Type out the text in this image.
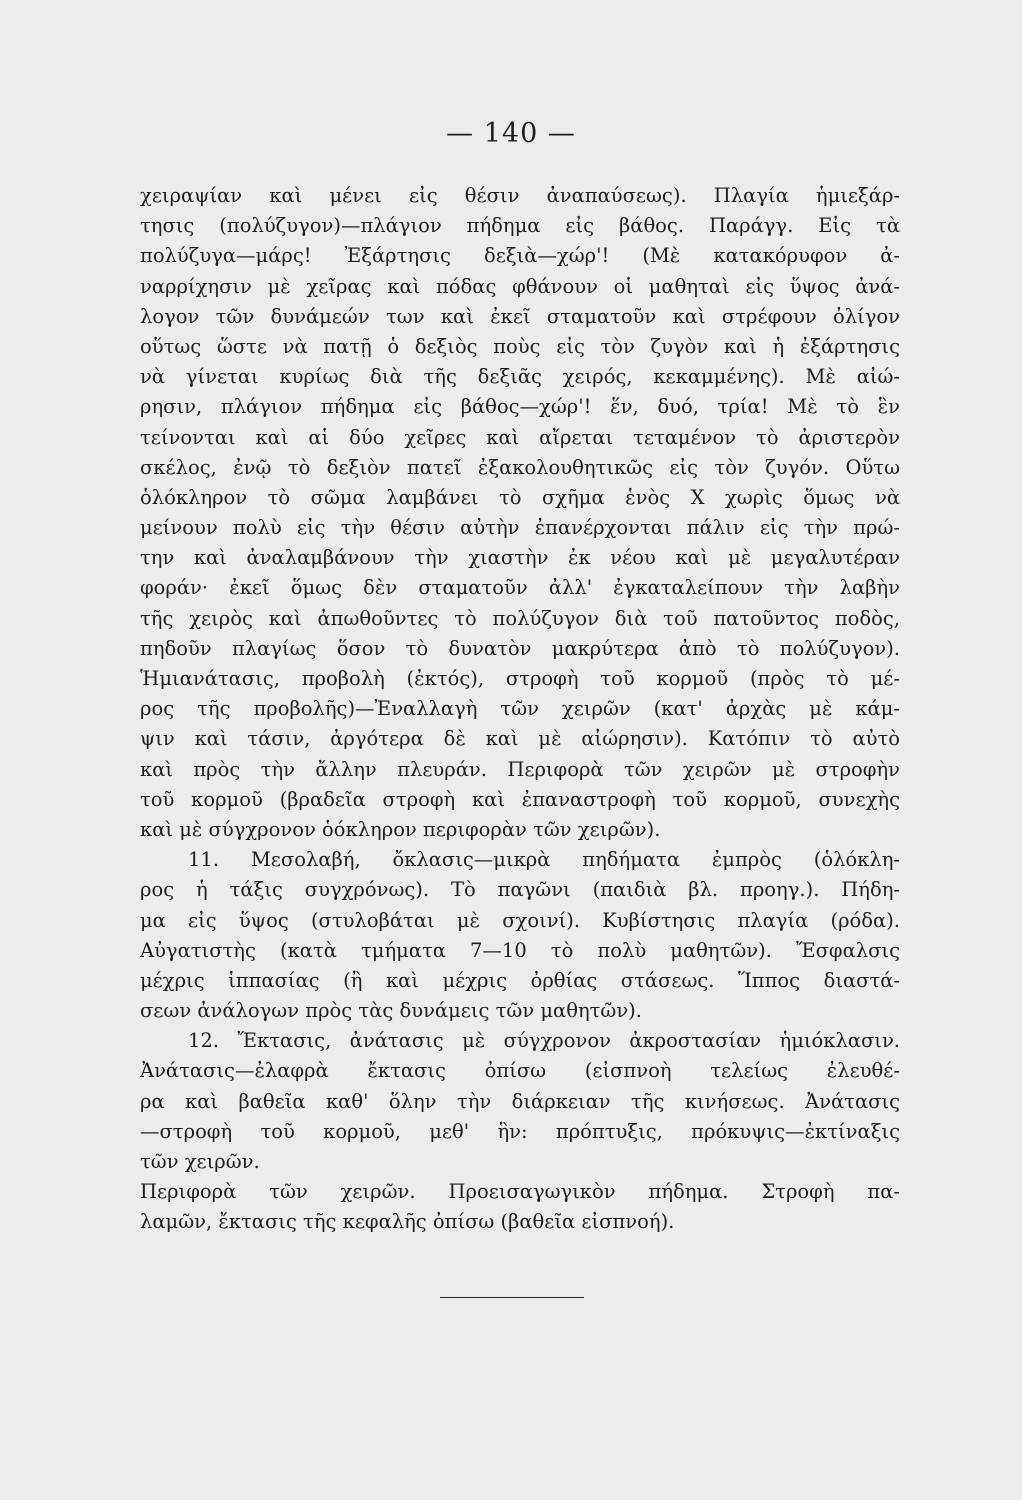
— 140 —
χειραψίαν καὶ μένει εἰς θέσιν ἀναπαύσεως). Πλαγία ἡμιεξάρ-
τησις (πολύζυγον)—πλάγιον πήδημα εἰς βάθος. Παράγγ. Εἰς τὰ
πολύζυγα—μάρς! Ἐξάρτησις δεξιὰ—χώρ'! (Μὲ κατακόρυφον ἀ-
ναρρίχησιν μὲ χεῖρας καὶ πόδας φθάνουν οἱ μαθηταὶ εἰς ὕψος ἀνά-
λογον τῶν δυνάμεών των καὶ ἐκεῖ σταματοῦν καὶ στρέφουν ὀλίγον
οὕτως ὥστε νὰ πατῇ ὁ δεξιὸς ποὺς εἰς τὸν ζυγὸν καὶ ἡ ἐξάρτησις
νὰ γίνεται κυρίως διὰ τῆς δεξιᾶς χειρός, κεκαμμένης). Μὲ αἰώ-
ρησιν, πλάγιον πήδημα εἰς βάθος—χώρ'! ἕν, δυό, τρία! Μὲ τὸ ἓν
τείνονται καὶ αἱ δύο χεῖρες καὶ αἴρεται τεταμένον τὸ ἀριστερὸν
σκέλος, ἐνῷ τὸ δεξιὸν πατεῖ ἐξακολουθητικῶς εἰς τὸν ζυγόν. Οὕτω
ὁλόκληρον τὸ σῶμα λαμβάνει τὸ σχῆμα ἑνὸς Χ χωρὶς ὅμως νὰ
μείνουν πολὺ εἰς τὴν θέσιν αὐτὴν ἐπανέρχονται πάλιν εἰς τὴν πρώ-
την καὶ ἀναλαμβάνουν τὴν χιαστὴν ἐκ νέου καὶ μὲ μεγαλυτέραν
φοράν· ἐκεῖ ὅμως δὲν σταματοῦν ἀλλ' ἐγκαταλείπουν τὴν λαβὴν
τῆς χειρὸς καὶ ἀπωθοῦντες τὸ πολύζυγον διὰ τοῦ πατοῦντος ποδὸς,
πηδοῦν πλαγίως ὅσον τὸ δυνατὸν μακρύτερα ἀπὸ τὸ πολύζυγον).
Ἡμιανάτασις, προβολὴ (ἐκτός), στροφὴ τοῦ κορμοῦ (πρὸς τὸ μέ-
ρος τῆς προβολῆς)—Ἐναλλαγὴ τῶν χειρῶν (κατ' ἀρχὰς μὲ κάμ-
ψιν καὶ τάσιν, ἀργότερα δὲ καὶ μὲ αἰώρησιν). Κατόπιν τὸ αὐτὸ
καὶ πρὸς τὴν ἄλλην πλευράν. Περιφορὰ τῶν χειρῶν μὲ στροφὴν
τοῦ κορμοῦ (βραδεῖα στροφὴ καὶ ἐπαναστροφὴ τοῦ κορμοῦ, συνεχὴς
καὶ μὲ σύγχρονον ὁόκληρον περιφορὰν τῶν χειρῶν).
11. Μεσολαβή, ὄκλασις—μικρὰ πηδήματα ἐμπρὸς (ὁλόκλη-
ρος ἡ τάξις συγχρόνως). Τὸ παγῶνι (παιδιὰ βλ. προηγ.). Πήδη-
μα εἰς ὕψος (στυλοβάται μὲ σχοινί). Κυβίστησις πλαγία (ρόδα).
Αὐγατιστὴς (κατὰ τμήματα 7—10 τὸ πολὺ μαθητῶν). Ἔσφαλσις
μέχρις ἱππασίας (ἢ καὶ μέχρις ὀρθίας στάσεως. Ἵππος διαστά-
σεων ἀνάλογων πρὸς τὰς δυνάμεις τῶν μαθητῶν).
12. Ἔκτασις, ἀνάτασις μὲ σύγχρονον ἀκροστασίαν ἡμιόκλασιν.
Ἀνάτασις—ἐλαφρὰ ἔκτασις ὀπίσω (εἰσπνοὴ τελείως ἐλευθέ-
ρα καὶ βαθεῖα καθ' ὅλην τὴν διάρκειαν τῆς κινήσεως. Ἀνάτασις
—στροφὴ τοῦ κορμοῦ, μεθ' ἣν: πρόπτυξις, πρόκυψις—ἐκτίναξις
τῶν χειρῶν.
Περιφορὰ τῶν χειρῶν. Προεισαγωγικὸν πήδημα. Στροφὴ πα-
λαμῶν, ἔκτασις τῆς κεφαλῆς ὀπίσω (βαθεῖα εἰσπνοή).
